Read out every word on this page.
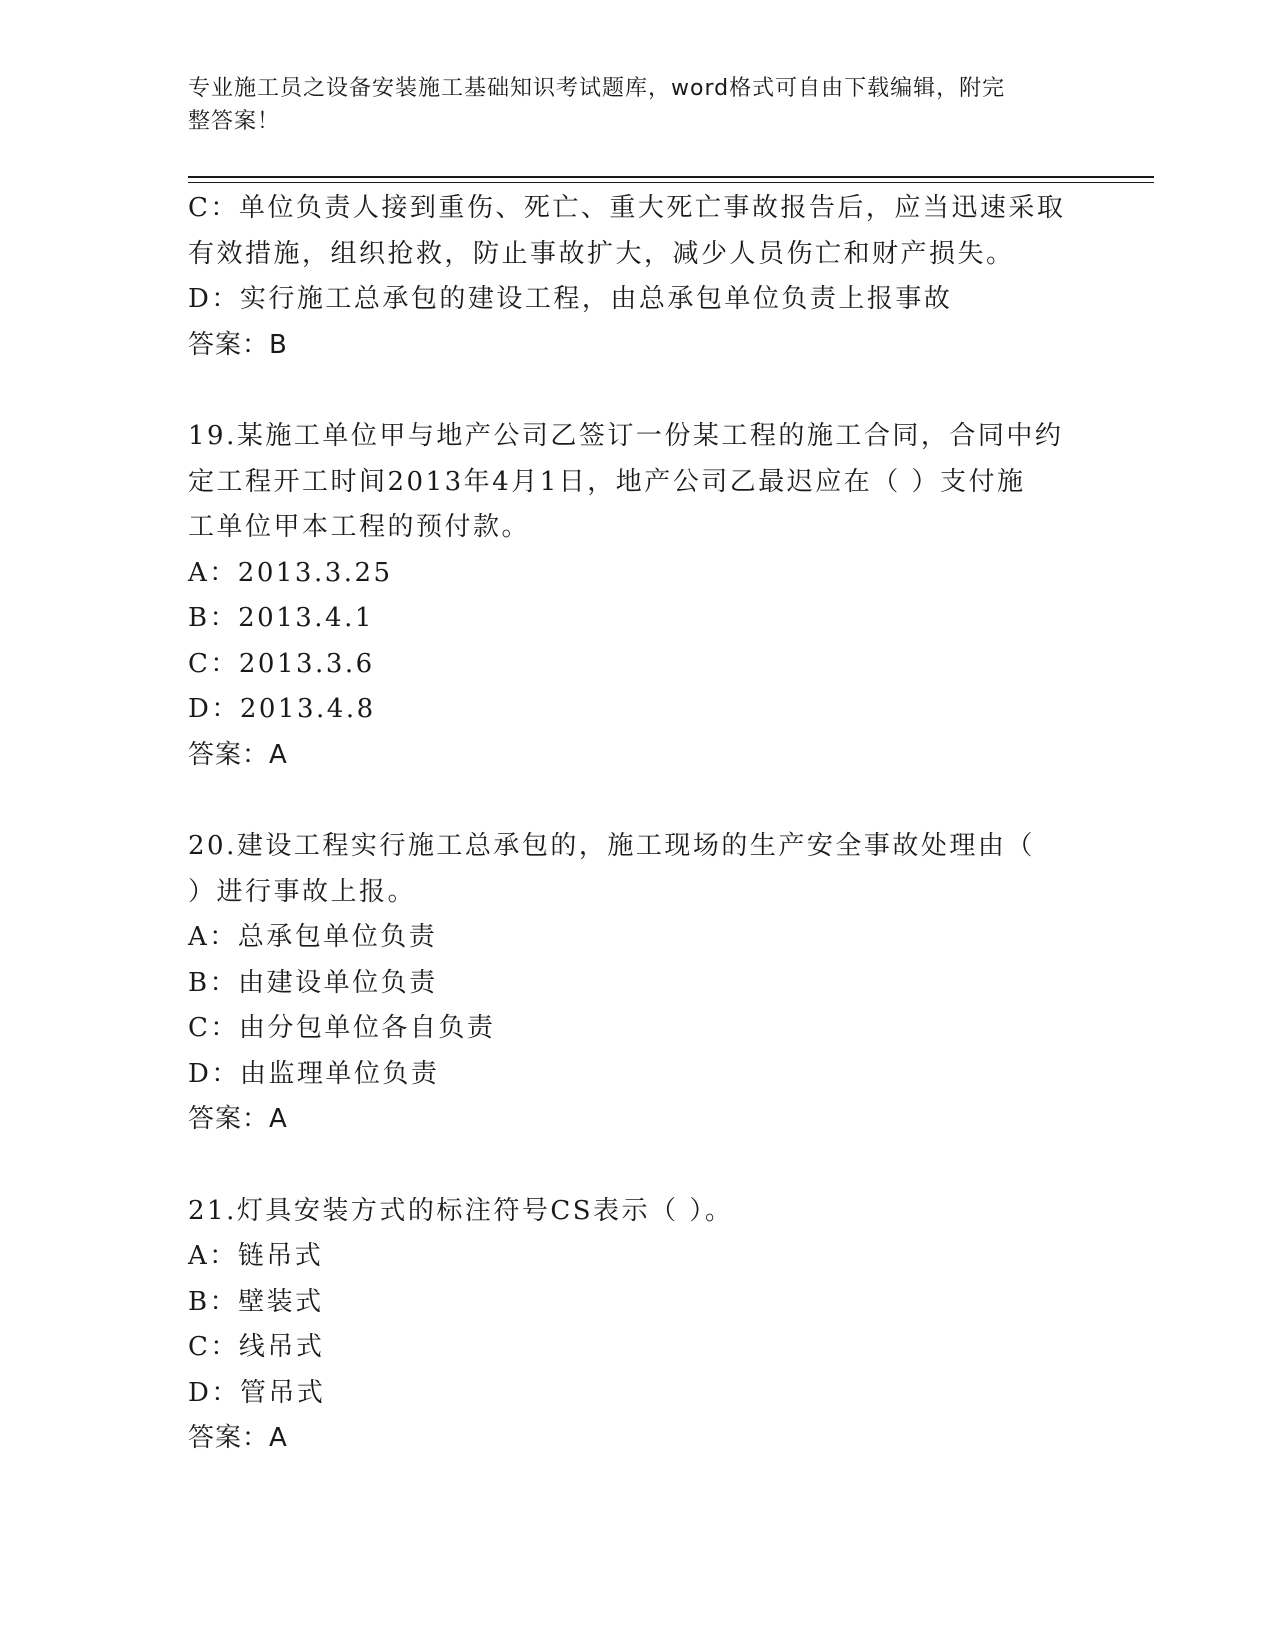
专业施工员之设备安装施工基础知识考试题库，word格式可自由下载编辑，附完
整答案！
C：单位负责人接到重伤、死亡、重大死亡事故报告后，应当迅速采取
有效措施，组织抢救，防止事故扩大，减少人员伤亡和财产损失。
D：实行施工总承包的建设工程，由总承包单位负责上报事故
答案：B
19.某施工单位甲与地产公司乙签订一份某工程的施工合同，合同中约
定工程开工时间2013年4月1日，地产公司乙最迟应在（ ）支付施
工单位甲本工程的预付款。
A：2013.3.25
B：2013.4.1
C：2013.3.6
D：2013.4.8
答案：A
20.建设工程实行施工总承包的，施工现场的生产安全事故处理由（
）进行事故上报。
A：总承包单位负责
B：由建设单位负责
C：由分包单位各自负责
D：由监理单位负责
答案：A
21.灯具安装方式的标注符号CS表示（ ）。
A：链吊式
B：壁装式
C：线吊式
D：管吊式
答案：A
